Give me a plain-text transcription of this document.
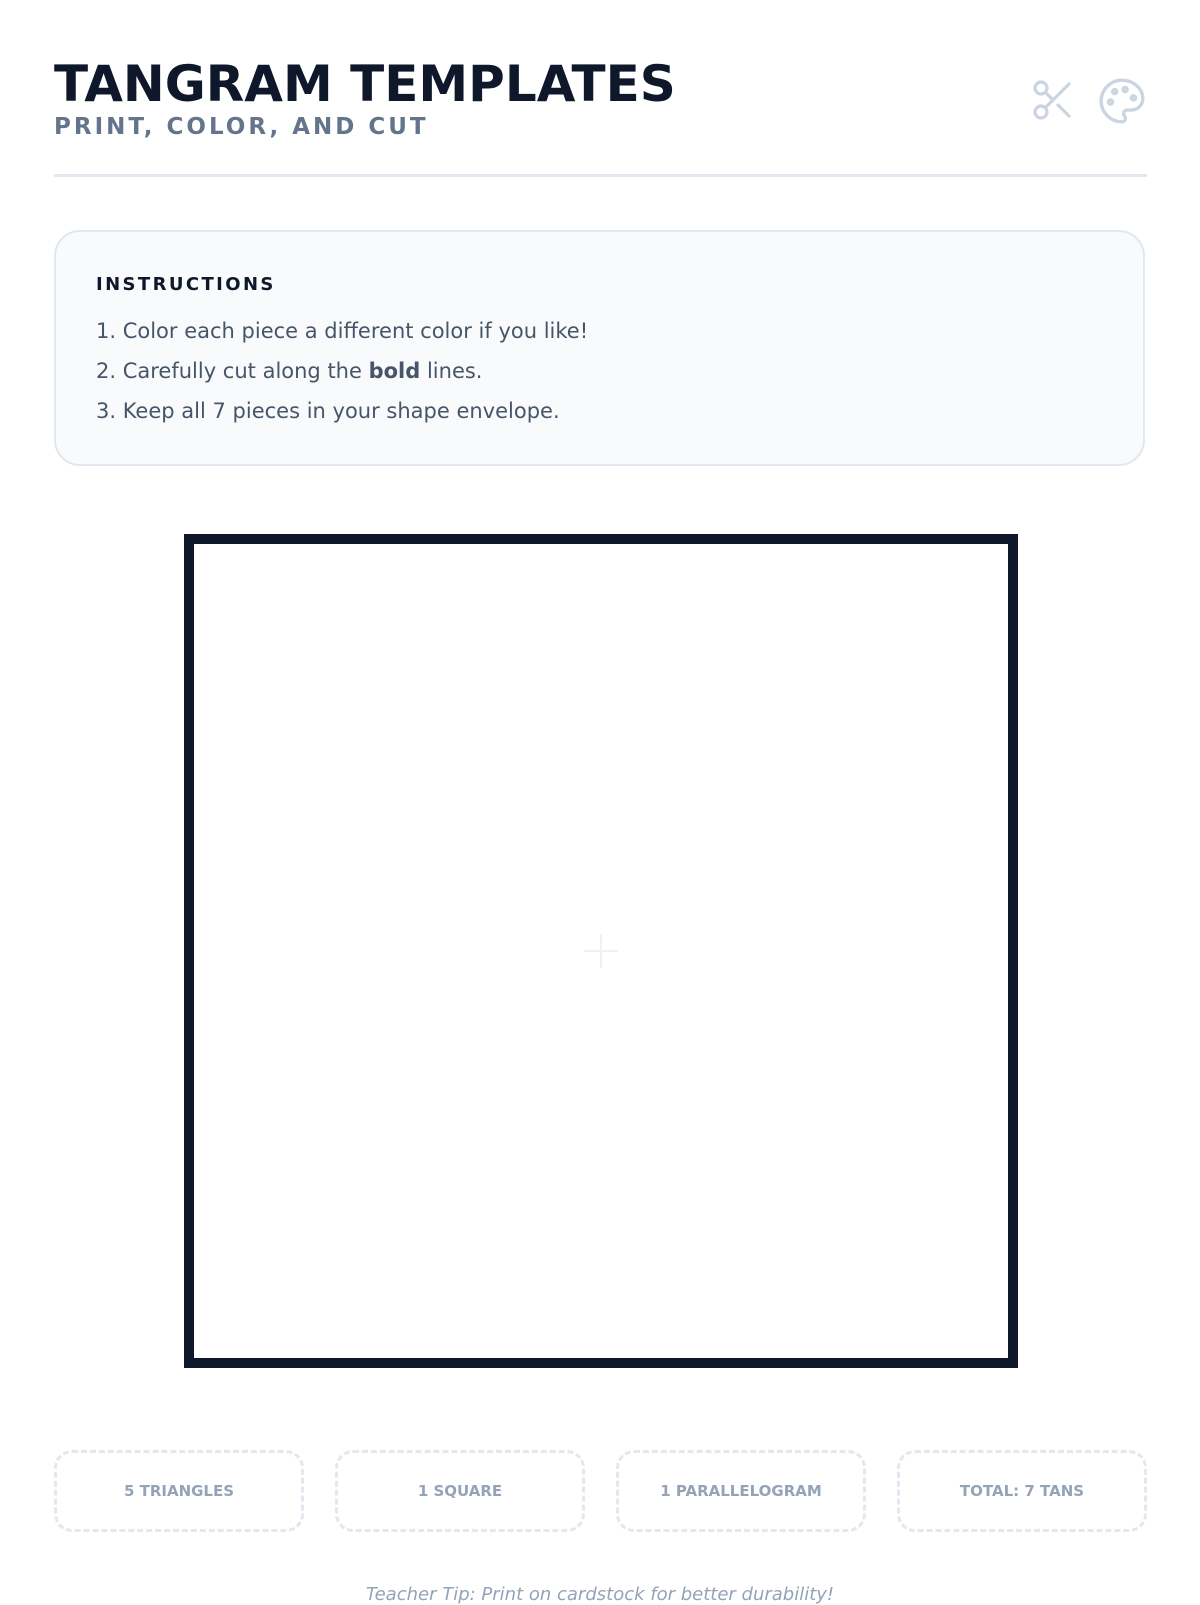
TANGRAM TEMPLATES
PRINT, COLOR, AND CUT
INSTRUCTIONS
1. Color each piece a different color if you like!
2. Carefully cut along the bold lines.
3. Keep all 7 pieces in your shape envelope.
5 TRIANGLES	1 SQUARE	1 PARALLELOGRAM	TOTAL: 7 TANS
Teacher Tip: Print on cardstock for better durability!
